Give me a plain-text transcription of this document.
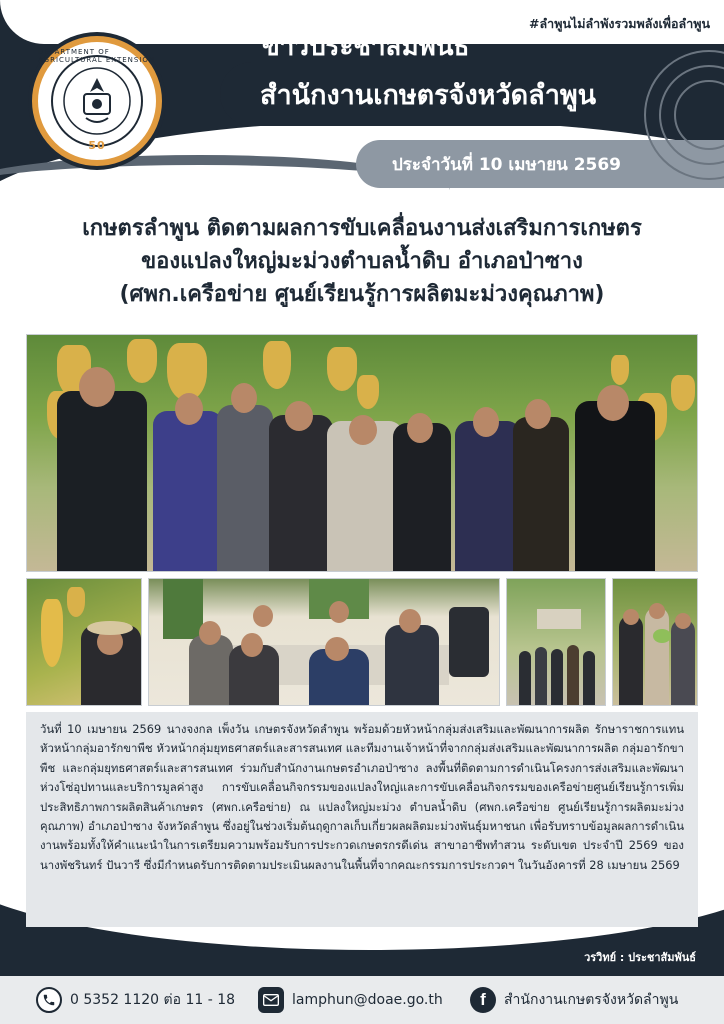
#ลำพูนไม่ลำพังรวมพลังเพื่อลำพูน
DEPARTMENT OF AGRICULTURAL EXTENSION
50
สำนักงานเกษตรจังหวัดลำพูน
ข่าวประชาสัมพันธ์
ประจำวันที่ 10 เมษายน 2569
เกษตรลำพูน ติดตามผลการขับเคลื่อนงานส่งเสริมการเกษตร
ของแปลงใหญ่มะม่วงตำบลน้ำดิบ อำเภอป่าซาง
(ศพก.เครือข่าย ศูนย์เรียนรู้การผลิตมะม่วงคุณภาพ)

วันที่ 10 เมษายน 2569 นางจงกล เพ็งวัน เกษตรจังหวัดลำพูน พร้อมด้วยหัวหน้ากลุ่มส่งเสริมและพัฒนาการผลิต รักษาราชการแทนหัวหน้ากลุ่มอารักขาพืช หัวหน้ากลุ่มยุทธศาสตร์และสารสนเทศ และทีมงานเจ้าหน้าที่จากกลุ่มส่งเสริมและพัฒนาการผลิต กลุ่มอารักขาพืช และกลุ่มยุทธศาสตร์และสารสนเทศ ร่วมกับสำนักงานเกษตรอำเภอป่าซาง ลงพื้นที่ติดตามการดำเนินโครงการส่งเสริมและพัฒนาห่วงโซ่อุปทานและบริการมูลค่าสูง การขับเคลื่อนกิจกรรมของแปลงใหญ่และการขับเคลื่อนกิจกรรมของเครือข่ายศูนย์เรียนรู้การเพิ่มประสิทธิภาพการผลิตสินค้าเกษตร (ศพก.เครือข่าย) ณ แปลงใหญ่มะม่วง ตำบลน้ำดิบ (ศพก.เครือข่าย ศูนย์เรียนรู้การผลิตมะม่วงคุณภาพ) อำเภอป่าซาง จังหวัดลำพูน ซึ่งอยู่ในช่วงเริ่มต้นฤดูกาลเก็บเกี่ยวผลผลิตมะม่วงพันธุ์มหาชนก เพื่อรับทราบข้อมูลผลการดำเนินงานพร้อมทั้งให้คำแนะนำในการเตรียมความพร้อมรับการประกวดเกษตรกรดีเด่น สาขาอาชีพทำสวน ระดับเขต ประจำปี 2569 ของนางพัชรินทร์ ปันวารี ซึ่งมีกำหนดรับการติดตามประเมินผลงานในพื้นที่จากคณะกรรมการประกวดฯ ในวันอังคารที่ 28 เมษายน 2569

วรวิทย์ : ประชาสัมพันธ์
0 5352 1120 ต่อ 11 - 18	lamphun@doae.go.th	f	สำนักงานเกษตรจังหวัดลำพูน
